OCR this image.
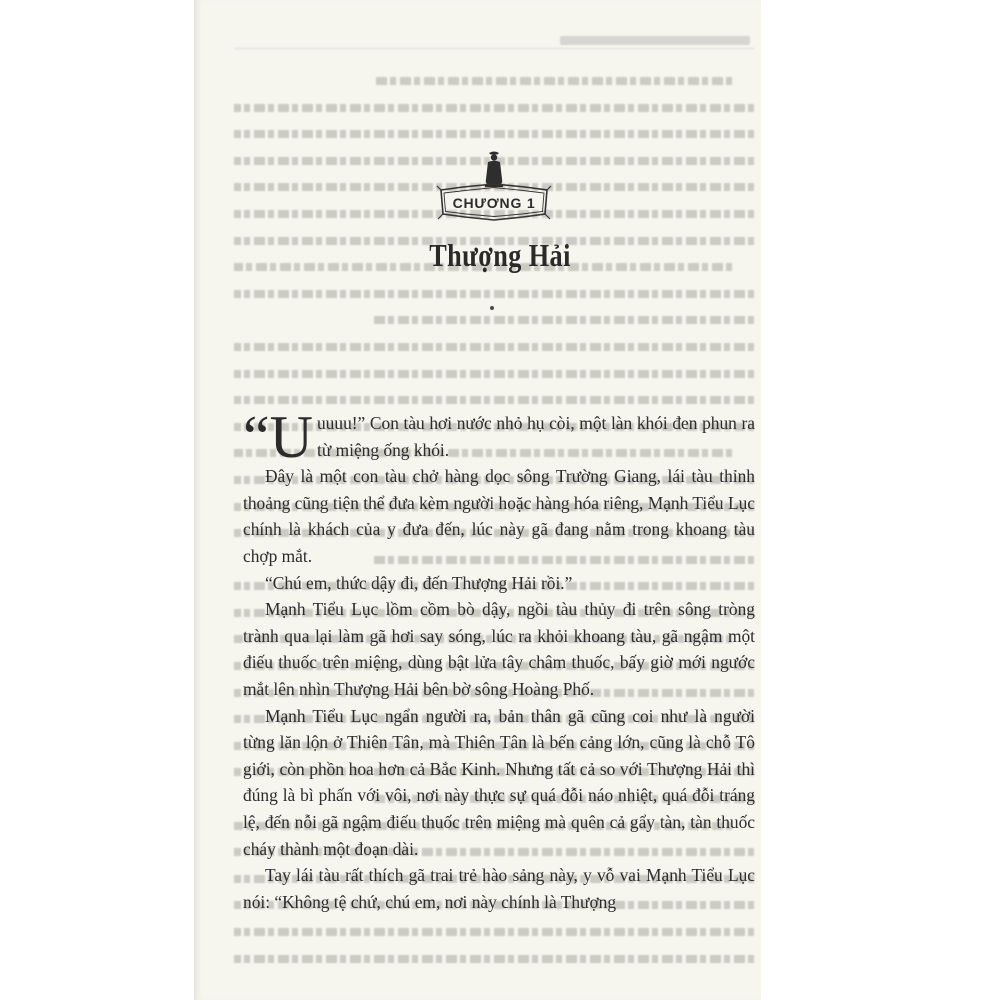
CHƯƠNG 1

“U uuuu!” Con tàu hơi nước nhỏ hụ còi, một làn khói đen phun ra từ miệng ống khói.

Đây là một con tàu chở hàng dọc sông Trường Giang, lái tàu thỉnh thoảng cũng tiện thể đưa kèm người hoặc hàng hóa riêng, Mạnh Tiểu Lục chính là khách của y đưa đến, lúc này gã đang nằm trong khoang tàu chợp mắt.

“Chú em, thức dậy đi, đến Thượng Hải rồi.”

Mạnh Tiểu Lục lồm cồm bò dậy, ngồi tàu thủy đi trên sông tròng trành qua lại làm gã hơi say sóng, lúc ra khỏi khoang tàu, gã ngậm một điếu thuốc trên miệng, dùng bật lửa tây châm thuốc, bấy giờ mới ngước mắt lên nhìn Thượng Hải bên bờ sông Hoàng Phố.

Mạnh Tiểu Lục ngẩn người ra, bản thân gã cũng coi như là người từng lăn lộn ở Thiên Tân, mà Thiên Tân là bến cảng lớn, cũng là chỗ Tô giới, còn phồn hoa hơn cả Bắc Kinh. Nhưng tất cả so với Thượng Hải thì đúng là bì phấn với vôi, nơi này thực sự quá đỗi náo nhiệt, quá đỗi tráng lệ, đến nỗi gã ngậm điếu thuốc trên miệng mà quên cả gẩy tàn, tàn thuốc cháy thành một đoạn dài.

Tay lái tàu rất thích gã trai trẻ hào sảng này, y vỗ vai Mạnh Tiểu Lục nói: “Không tệ chứ, chú em, nơi này chính là Thượng

Thượng Hải
